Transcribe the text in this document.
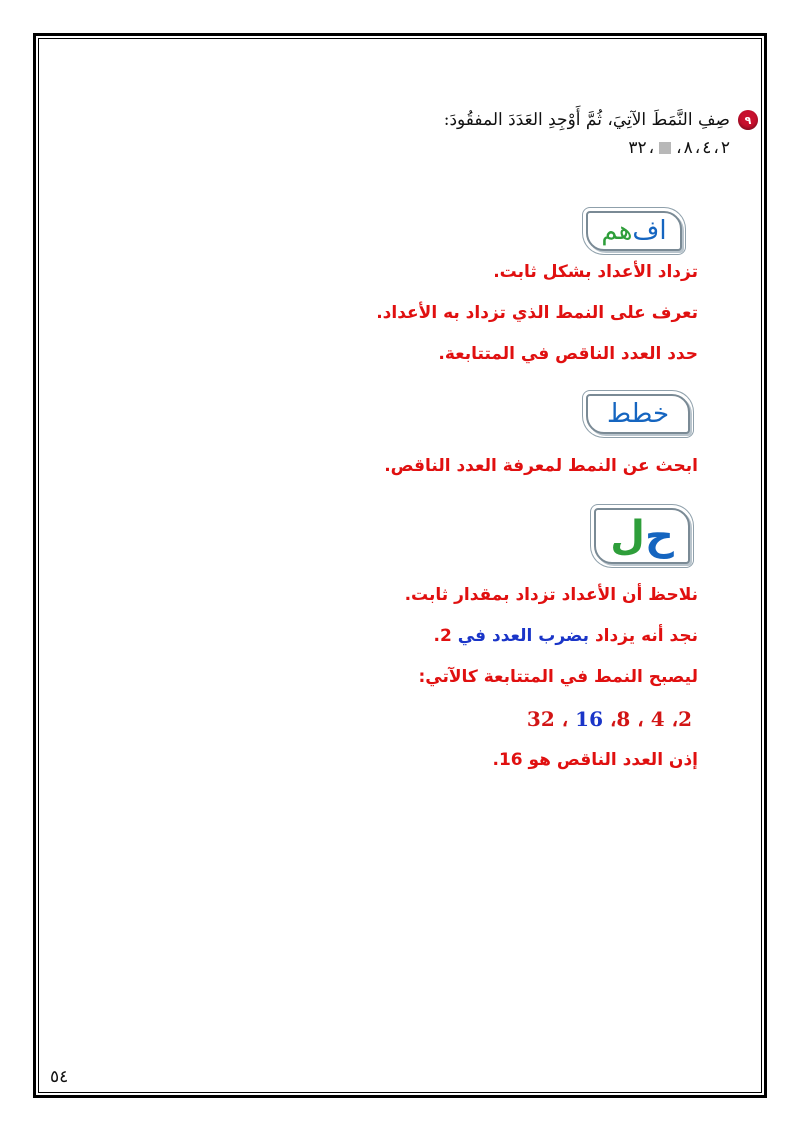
٩
صِفِ النَّمَطَ الآتِيَ، ثُمَّ أَوْجِدِ العَدَدَ المفقُودَ:
٢
،
٤
،
٨
،
،
٣٢
اف
هم
تزداد الأعداد بشكل ثابت.
تعرف على النمط الذي تزداد به الأعداد.
حدد العدد الناقص في المتتابعة.
خطط
ابحث عن النمط لمعرفة العدد الناقص.
ح
ل
نلاحظ أن الأعداد تزداد بمقدار ثابت.
نجد أنه يزداد بضرب العدد في 2.
ليصبح النمط في المتتابعة كالآتي:
2، 4 ، 8، 16 ، 32
إذن العدد الناقص هو 16.
٥٤
